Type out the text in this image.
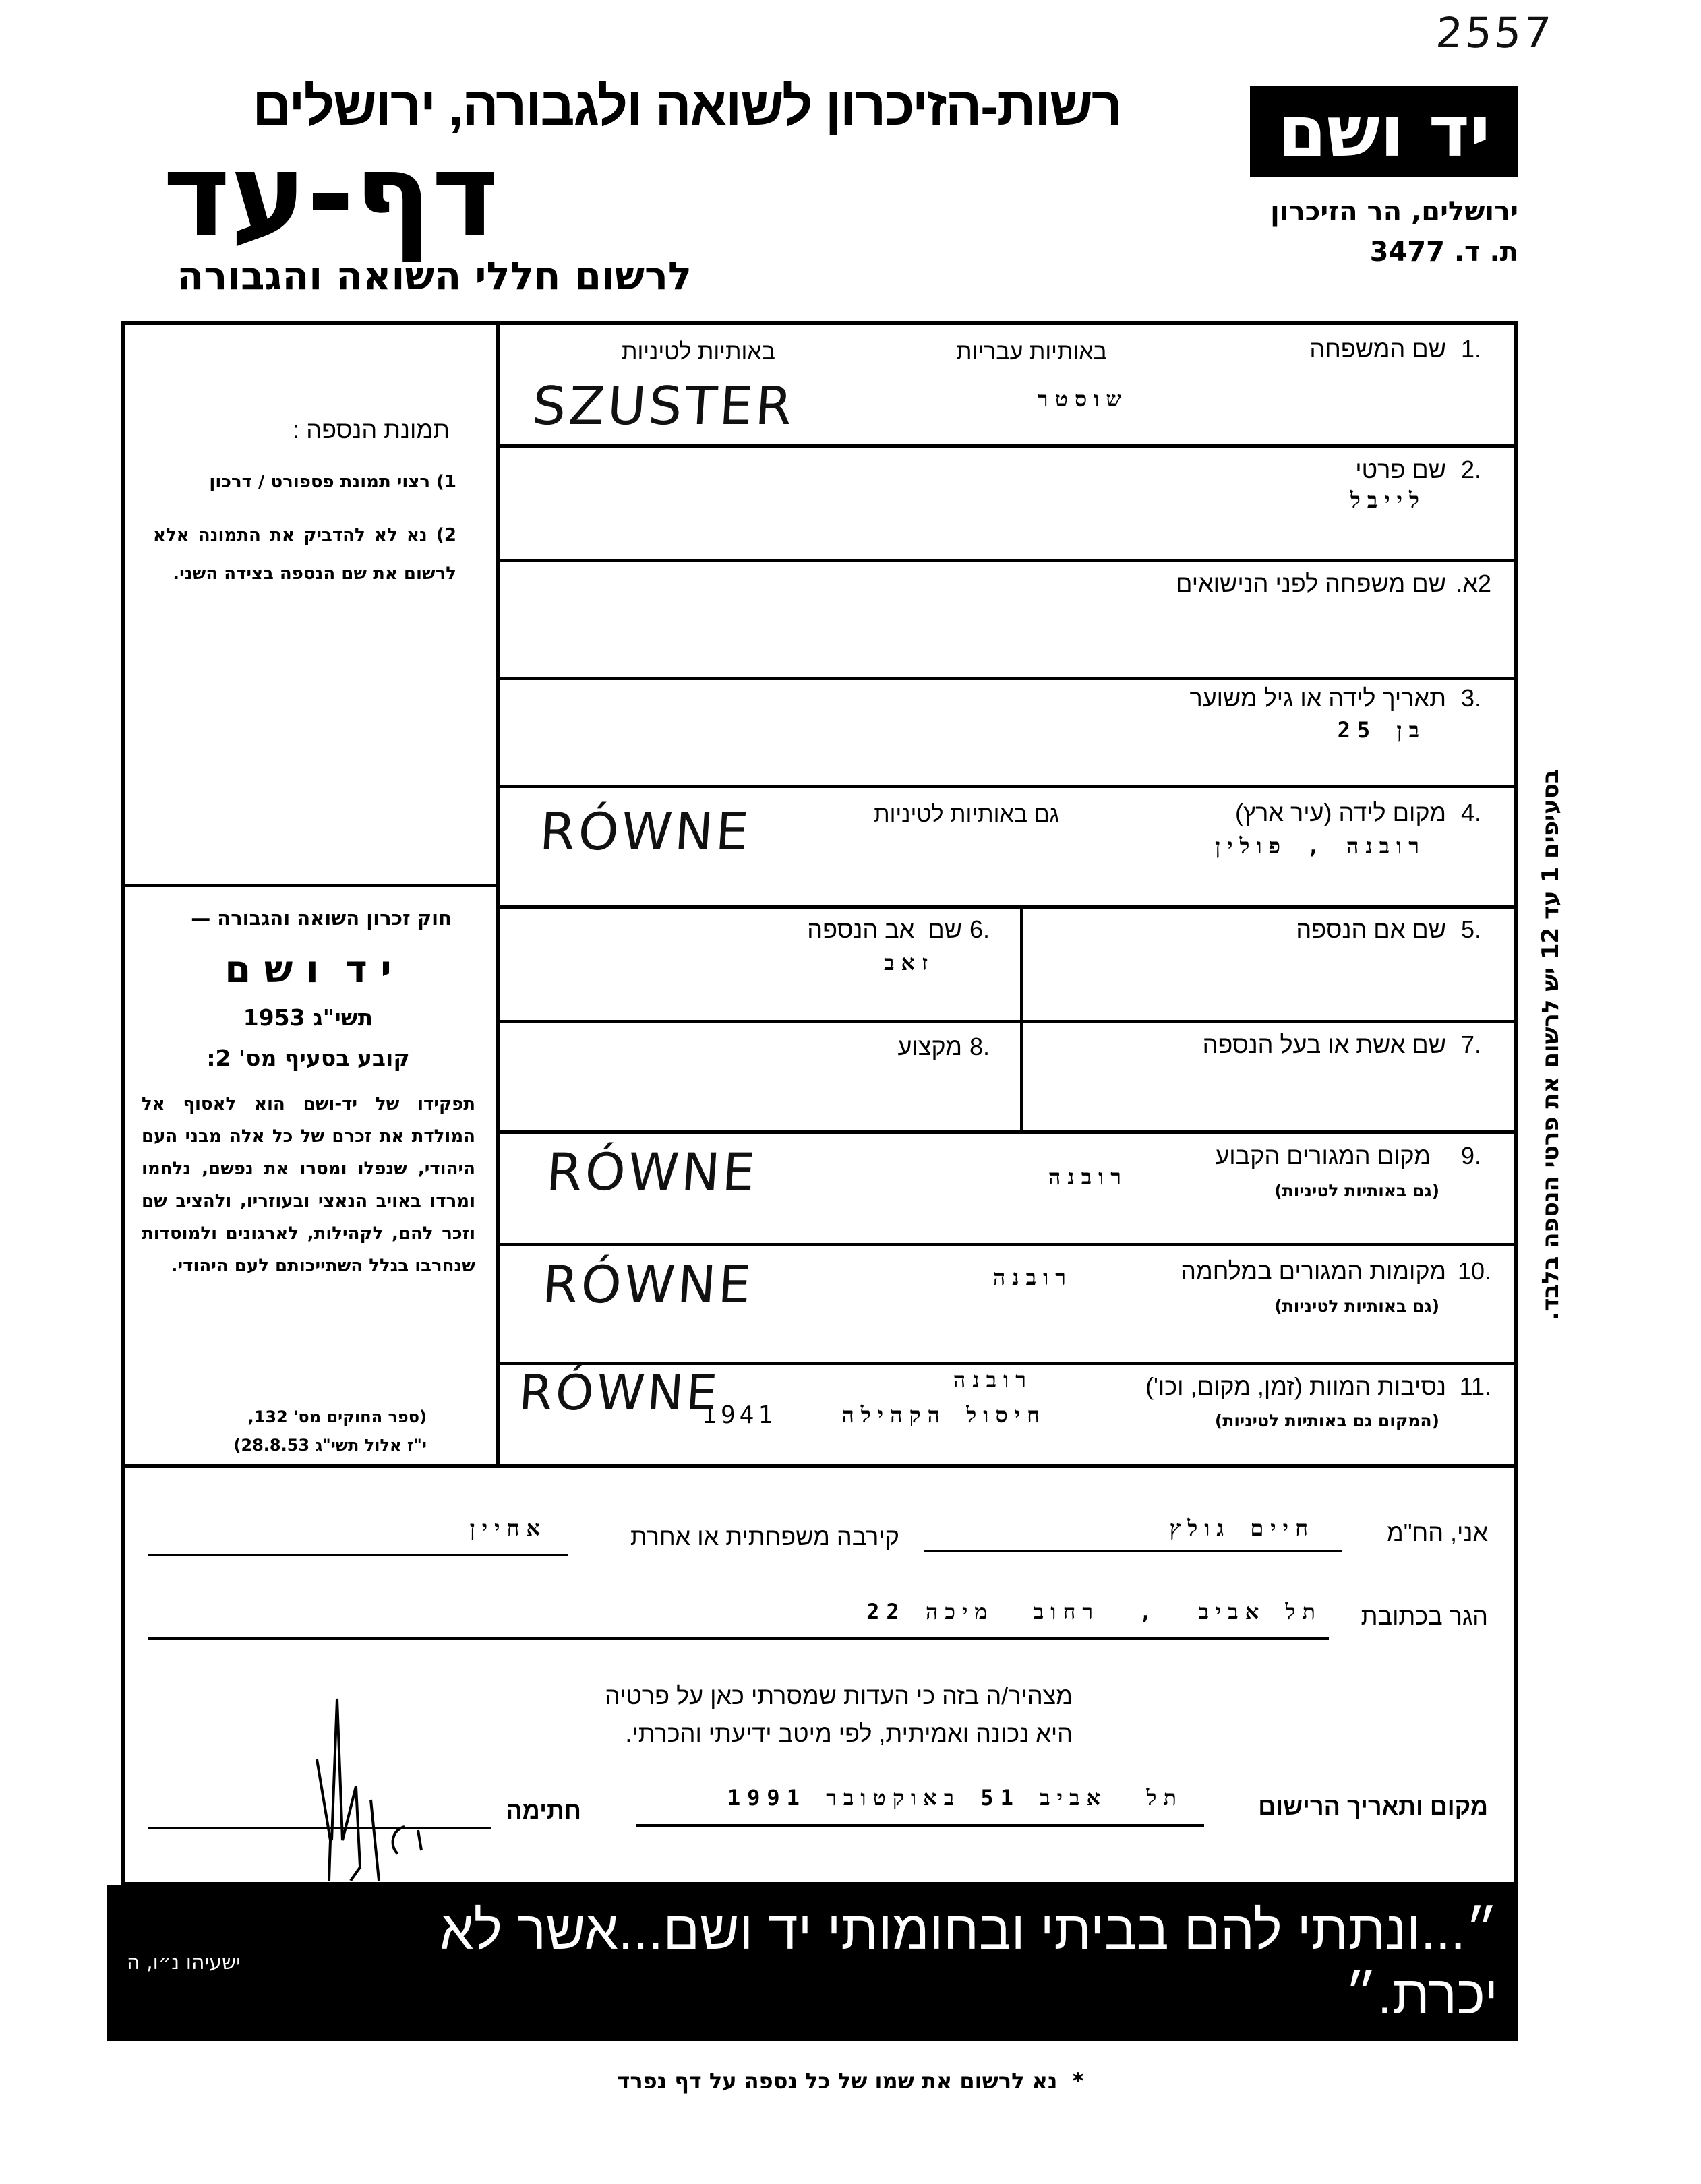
2557
רשות-הזיכרון לשואה ולגבורה, ירושלים
דף-עד
לרשום חללי השואה והגבורה
יד ושם
ירושלים, הר הזיכרון
ת. ד. 3477
תמונת הנספה :
1) רצוי תמונת פספורט / דרכון
2) נא לא להדביק את התמונה אלא לרשום את שם הנספה בצידה השני.
חוק זכרון השואה והגבורה —
י ד  ו ש ם
תשי"ג 1953
קובע בסעיף מס' 2:
תפקידו של יד-ושם הוא לאסוף אל המולדת את זכרם של כל אלה מבני העם היהודי, שנפלו ומסרו את נפשם, נלחמו ומרדו באויב הנאצי ובעוזריו, ולהציב שם וזכר להם, לקהילות, לארגונים ולמוסדות שנחרבו בגלל השתייכותם לעם היהודי.
(ספר החוקים מס' 132,
י"ז אלול תשי"ג 28.8.53)
1.
שם המשפחה
באותיות עבריות
באותיות לטיניות
שוסטר
SZUSTER
2.
שם פרטי
לייבל
2א.
שם משפחה לפני הנישואים
3.
תאריך לידה או גיל משוער
בן 25
4.
מקום לידה (עיר ארץ)
גם באותיות לטיניות
רובנה , פולין
RÓWNE
5.
שם אם הנספה
6.
שם  אב הנספה
זאב
7.
שם אשת או בעל הנספה
8.
מקצוע
9.
מקום המגורים הקבוע
(גם באותיות לטיניות)
רובנה
RÓWNE
10.
מקומות המגורים במלחמה
(גם באותיות לטיניות)
רובנה
RÓWNE
11.
נסיבות המוות (זמן, מקום, וכו')
(המקום גם באותיות לטיניות)
רובנה
חיסול הקהילה
1941
RÓWNE
בסעיפים 1 עד 12 יש לרשום את פרטי הנספה בלבד.
אני, הח"מ
חיים גולץ
קירבה משפחתית או אחרת
אחיין
הגר בכתובת
תל אביב  ,  רחוב  מיכה 22
מצהיר/ה בזה כי העדות שמסרתי כאן על פרטיה
היא נכונה ואמיתית, לפי מיטב ידיעתי והכרתי.
מקום ותאריך הרישום
תל  אביב 51 באוקטובר 1991
חתימה
ישעיהו נ״ו, ה
״...ונתתי להם בביתי ובחומותי יד ושם...אשר לא יכרת.״
*  נא לרשום את שמו של כל נספה על דף נפרד
